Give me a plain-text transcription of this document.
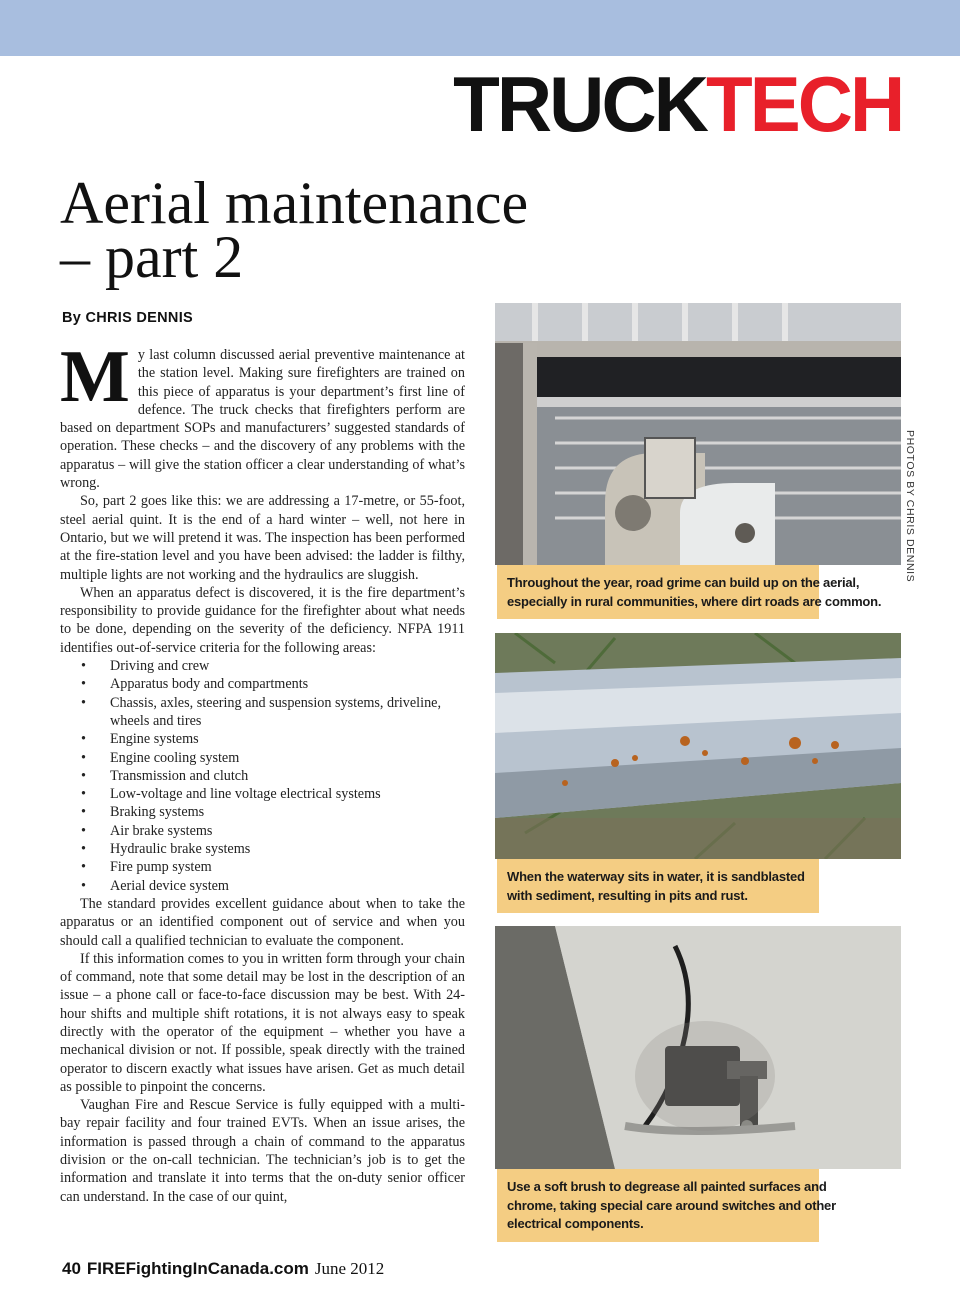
TRUCKTECH
Aerial maintenance
– part 2
By CHRIS DENNIS

My last column discussed aerial preventive maintenance at the station level. Making sure firefighters are trained on this piece of apparatus is your department’s first line of defence. The truck checks that firefighters perform are based on department SOPs and manufacturers’ suggested standards of operation. These checks – and the discovery of any problems with the apparatus – will give the station officer a clear understanding of what’s wrong.

So, part 2 goes like this: we are addressing a 17-metre, or 55-foot, steel aerial quint. It is the end of a hard winter – well, not here in Ontario, but we will pretend it was. The inspection has been performed at the fire-station level and you have been advised: the ladder is filthy, multiple lights are not working and the hydraulics are sluggish.

When an apparatus defect is discovered, it is the fire department’s responsibility to provide guidance for the firefighter about what needs to be done, depending on the severity of the deficiency. NFPA 1911 identifies out-of-service criteria for the following areas:

• Driving and crew
• Apparatus body and compartments
• Chassis, axles, steering and suspension systems, driveline, wheels and tires
• Engine systems
• Engine cooling system
• Transmission and clutch
• Low-voltage and line voltage electrical systems
• Braking systems
• Air brake systems
• Hydraulic brake systems
• Fire pump system
• Aerial device system

The standard provides excellent guidance about when to take the apparatus or an identified component out of service and when you should call a qualified technician to evaluate the component.

If this information comes to you in written form through your chain of command, note that some detail may be lost in the description of an issue – a phone call or face-to-face discussion may be best. With 24-hour shifts and multiple shift rotations, it is not always easy to speak directly with the operator of the equipment – whether you have a mechanical division or not. If possible, speak directly with the trained operator to discern exactly what issues have arisen. Get as much detail as possible to pinpoint the concerns.

Vaughan Fire and Rescue Service is fully equipped with a multi-bay repair facility and four trained EVTs. When an issue arises, the information is passed through a chain of command to the apparatus division or the on-call technician. The technician’s job is to get the information and translate it into terms that the on-duty senior officer can understand. In the case of our quint,

40 FIREFightingInCanada.com June 2012
Throughout the year, road grime can build up on the aerial,
especially in rural communities, where dirt roads are common.
When the waterway sits in water, it is sandblasted
with sediment, resulting in pits and rust.
Use a soft brush to degrease all painted surfaces and
chrome, taking special care around switches and other
electrical components.
PHOTOS BY CHRIS DENNIS
